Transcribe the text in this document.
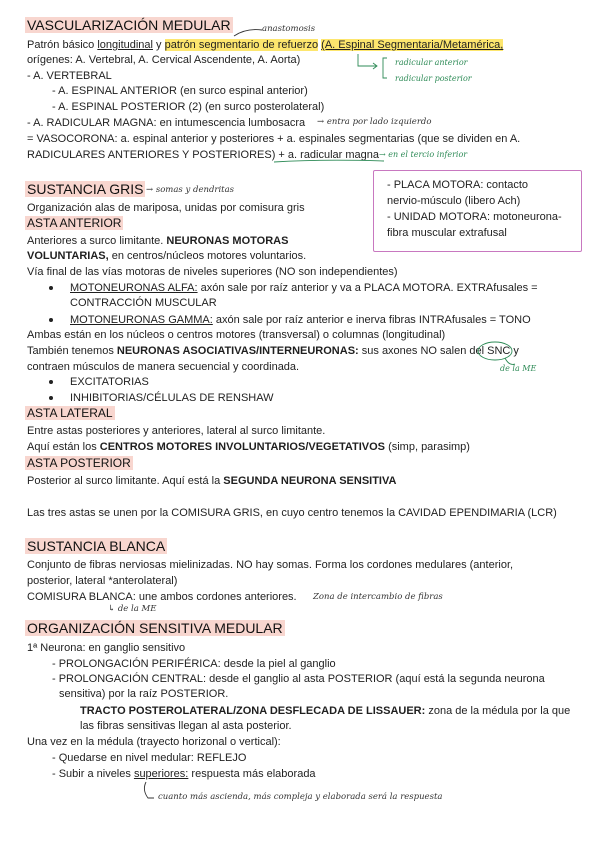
VASCULARIZACIÓN MEDULAR	anastomosis
Patrón básico longitudinal y patrón segmentario de refuerzo (A. Espinal Segmentaria/Metamérica,
orígenes: A. Vertebral, A. Cervical Ascendente, A. Aorta)	radicular anterior
radicular posterior
- A. VERTEBRAL
- A. ESPINAL ANTERIOR (en surco espinal anterior)
- A. ESPINAL POSTERIOR (2) (en surco posterolateral)
- A. RADICULAR MAGNA: en intumescencia lumbosacra → entra por lado izquierdo
= VASOCORONA: a. espinal anterior y posteriores + a. espinales segmentarias (que se dividen en A.
RADICULARES ANTERIORES Y POSTERIORES) + a. radicular magna → en el tercio inferior
SUSTANCIA GRIS → somas y dendritas
Organización alas de mariposa, unidas por comisura gris
ASTA ANTERIOR
Anteriores a surco limitante. NEURONAS MOTORAS
VOLUNTARIAS, en centros/núcleos motores voluntarios.
Vía final de las vías motoras de niveles superiores (NO son independientes)
MOTONEURONAS ALFA: axón sale por raíz anterior y va a PLACA MOTORA. EXTRAfusales =
CONTRACCIÓN MUSCULAR
MOTONEURONAS GAMMA: axón sale por raíz anterior e inerva fibras INTRAfusales = TONO
Ambas están en los núcleos o centros motores (transversal) o columnas (longitudinal)
También tenemos NEURONAS ASOCIATIVAS/INTERNEURONAS: sus axones NO salen del SNC y
de la ME
contraen músculos de manera secuencial y coordinada.
EXCITATORIAS
INHIBITORIAS/CÉLULAS DE RENSHAW
ASTA LATERAL
Entre astas posteriores y anteriores, lateral al surco limitante.
Aquí están los CENTROS MOTORES INVOLUNTARIOS/VEGETATIVOS (simp, parasimp)
ASTA POSTERIOR
Posterior al surco limitante. Aquí está la SEGUNDA NEURONA SENSITIVA
Las tres astas se unen por la COMISURA GRIS, en cuyo centro tenemos la CAVIDAD EPENDIMARIA (LCR)
- PLACA MOTORA: contacto
nervio-músculo (libero Ach)
- UNIDAD MOTORA: motoneurona-
fibra muscular extrafusal
SUSTANCIA BLANCA
Conjunto de fibras nerviosas mielinizadas. NO hay somas. Forma los cordones medulares (anterior,
posterior, lateral *anterolateral)
COMISURA BLANCA: une ambos cordones anteriores. Zona de intercambio de fibras
↳ de la ME
ORGANIZACIÓN SENSITIVA MEDULAR
1ª Neurona: en ganglio sensitivo
- PROLONGACIÓN PERIFÉRICA: desde la piel al ganglio
- PROLONGACIÓN CENTRAL: desde el ganglio al asta POSTERIOR (aquí está la segunda neurona
sensitiva) por la raíz POSTERIOR.
TRACTO POSTEROLATERAL/ZONA DESFLECADA DE LISSAUER: zona de la médula por la que
las fibras sensitivas llegan al asta posterior.
Una vez en la médula (trayecto horizonal o vertical):
- Quedarse en nivel medular: REFLEJO
- Subir a niveles superiores: respuesta más elaborada
cuanto más ascienda, más compleja y elaborada será la respuesta
